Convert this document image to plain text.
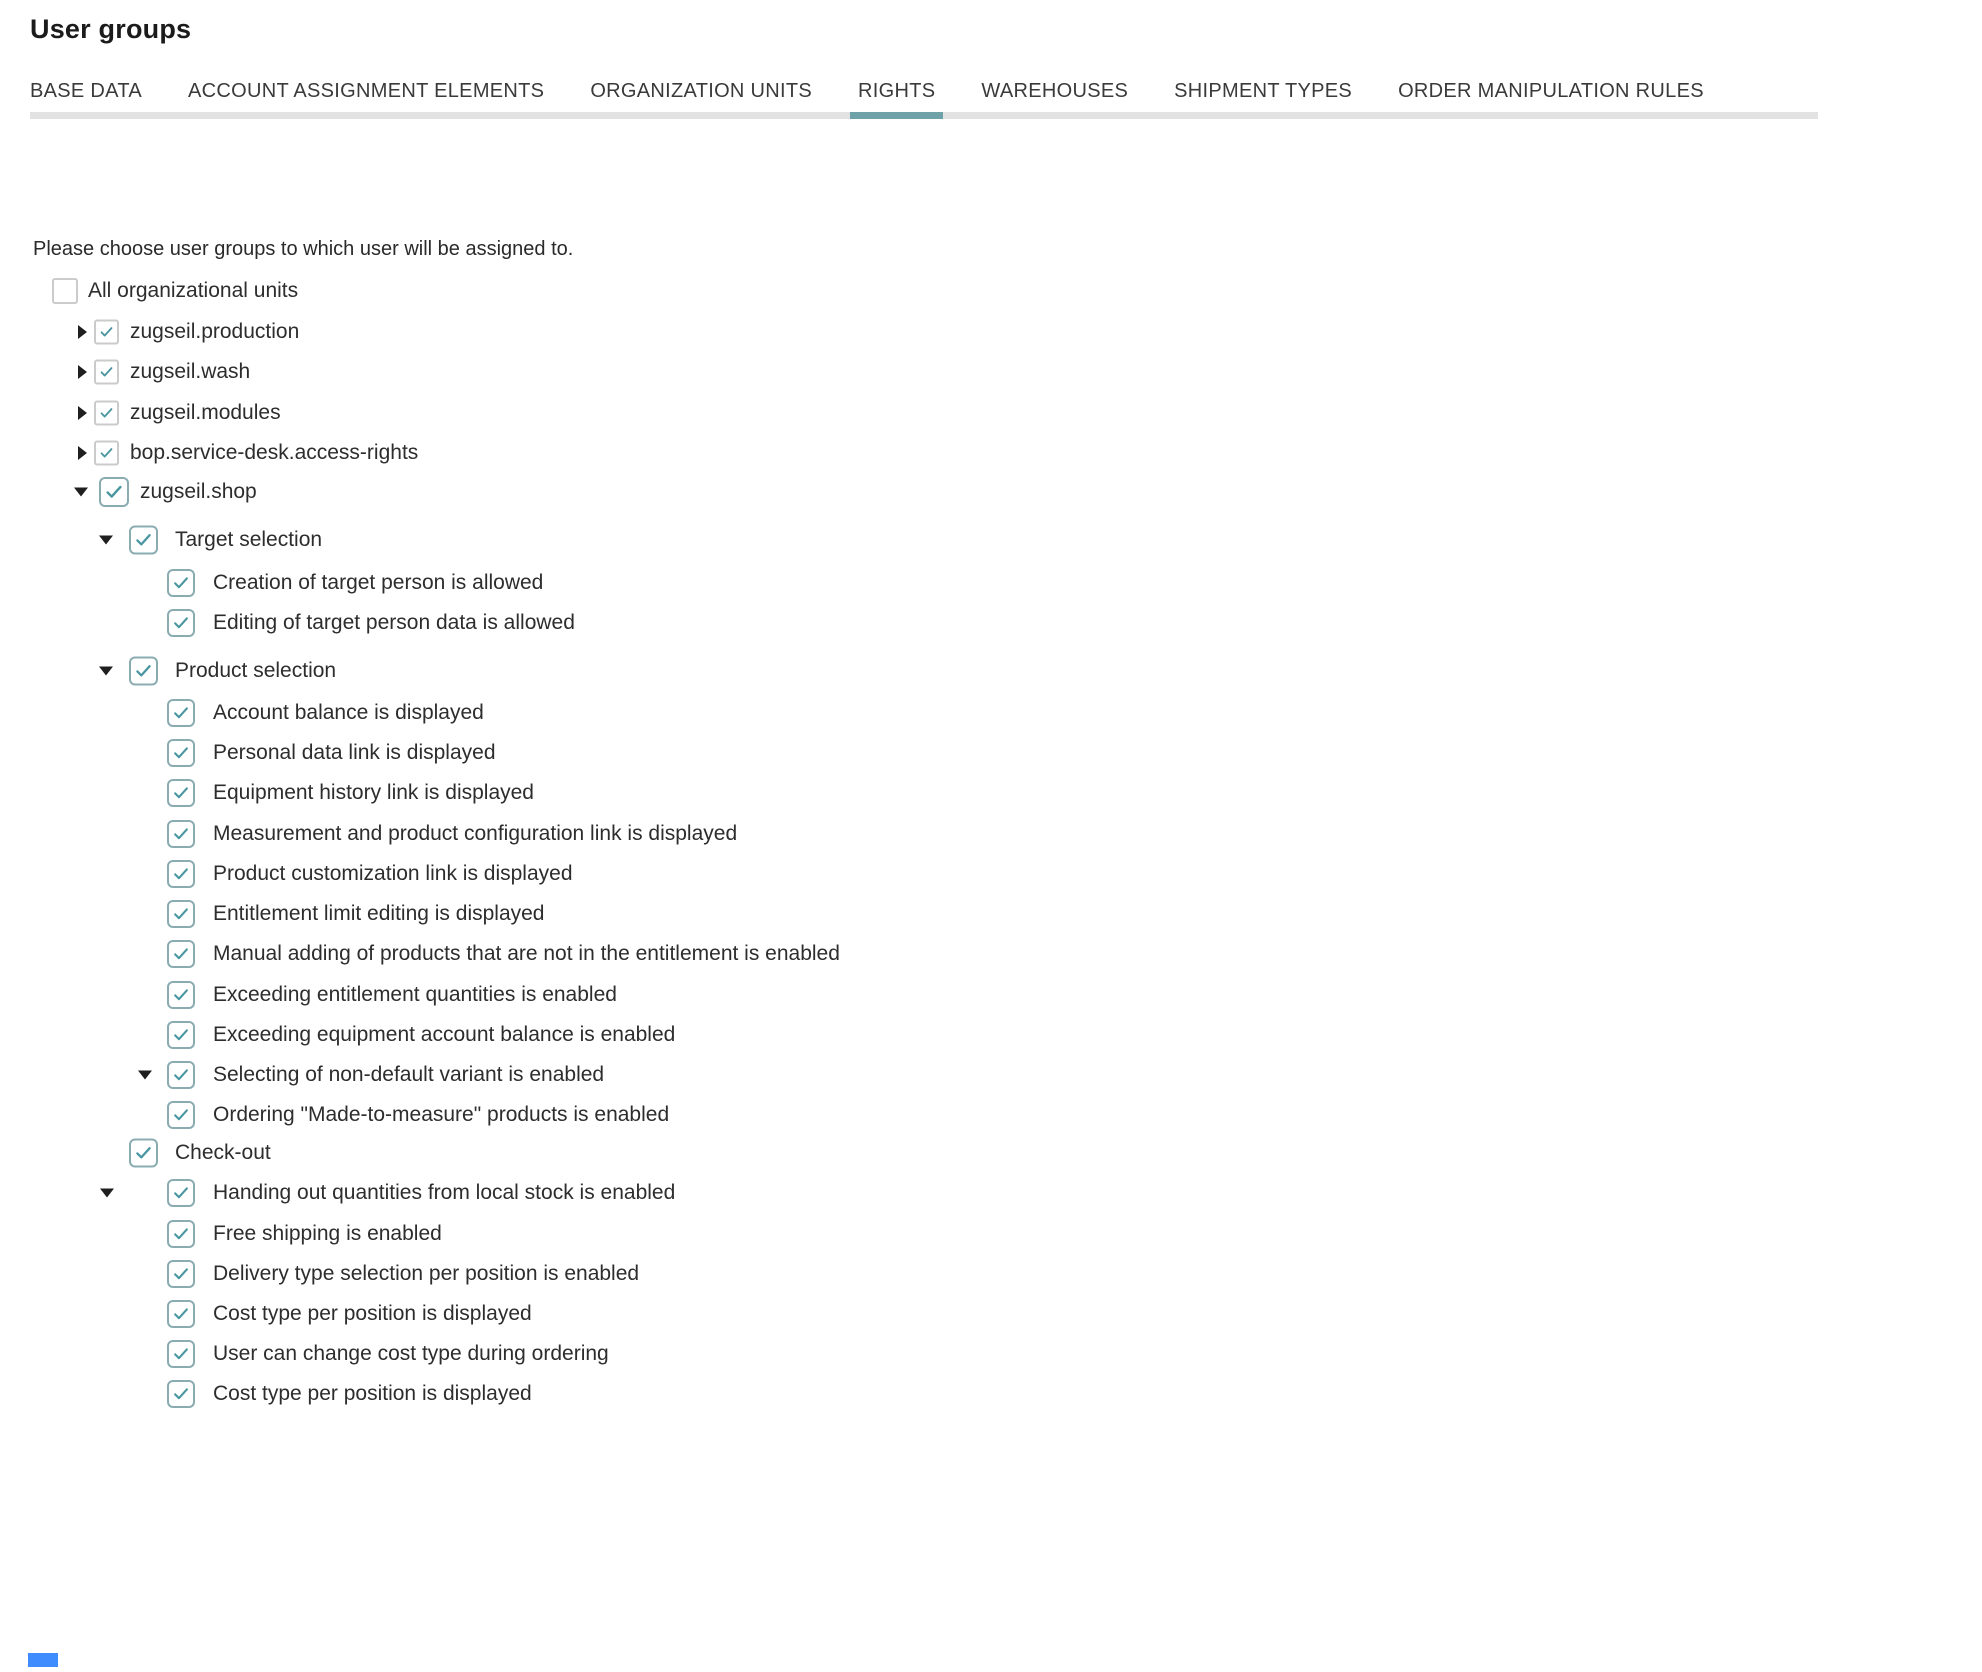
User groups
BASE DATA ACCOUNT ASSIGNMENT ELEMENTS ORGANIZATION UNITS RIGHTS WAREHOUSES SHIPMENT TYPES ORDER MANIPULATION RULES
Please choose user groups to which user will be assigned to.
All organizational units
zugseil.production
zugseil.wash
zugseil.modules
bop.service-desk.access-rights
zugseil.shop
Target selection
Creation of target person is allowed
Editing of target person data is allowed
Product selection
Account balance is displayed
Personal data link is displayed
Equipment history link is displayed
Measurement and product configuration link is displayed
Product customization link is displayed
Entitlement limit editing is displayed
Manual adding of products that are not in the entitlement is enabled
Exceeding entitlement quantities is enabled
Exceeding equipment account balance is enabled
Selecting of non-default variant is enabled
Ordering "Made-to-measure" products is enabled
Check-out
Handing out quantities from local stock is enabled
Free shipping is enabled
Delivery type selection per position is enabled
Cost type per position is displayed
User can change cost type during ordering
Cost type per position is displayed
